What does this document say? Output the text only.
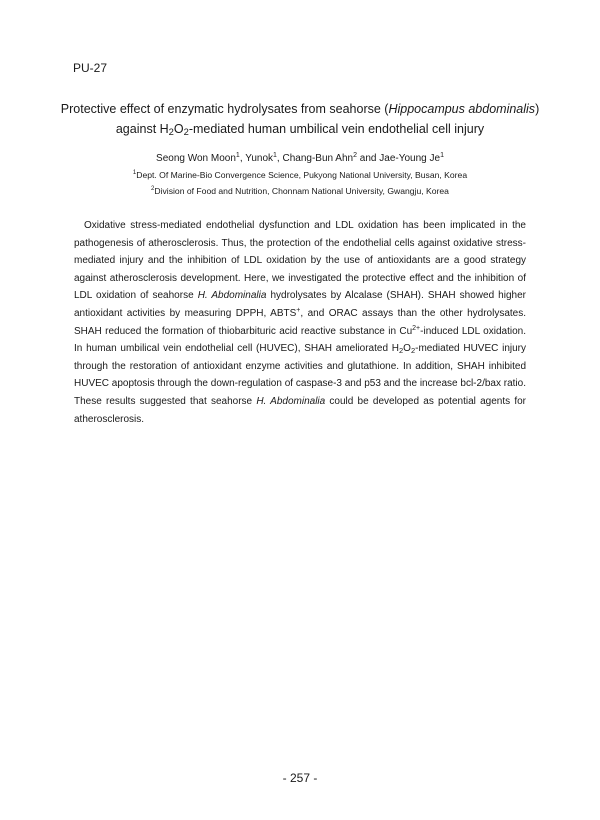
PU-27
Protective effect of enzymatic hydrolysates from seahorse (Hippocampus abdominalis)
against $H_2O_2$-mediated human umbilical vein endothelial cell injury
Seong Won Moon$^1$, Yunok$^1$, Chang-Bun Ahn$^2$ and Jae-Young Je$^1$
$^1$Dept. Of Marine-Bio Convergence Science, Pukyong National University, Busan, Korea
$^2$Division of Food and Nutrition, Chonnam National University, Gwangju, Korea

Oxidative stress-mediated endothelial dysfunction and LDL oxidation has been implicated in the pathogenesis of atherosclerosis. Thus, the protection of the endothelial cells against oxidative stress-mediated injury and the inhibition of LDL oxidation by the use of antioxidants are a good strategy against atherosclerosis development. Here, we investigated the protective effect and the inhibition of LDL oxidation of seahorse H. Abdominalia hydrolysates by Alcalase (SHAH). SHAH showed higher antioxidant activities by measuring DPPH, ABTS+, and ORAC assays than the other hydrolysates. SHAH reduced the formation of thiobarbituric acid reactive substance in $Cu^{2+}$-induced LDL oxidation. In human umbilical vein endothelial cell (HUVEC), SHAH ameliorated $H_2O_2$-mediated HUVEC injury through the restoration of antioxidant enzyme activities and glutathione. In addition, SHAH inhibited HUVEC apoptosis through the down-regulation of caspase-3 and p53 and the increase bcl-2/bax ratio. These results suggested that seahorse H. Abdominalia could be developed as potential agents for atherosclerosis.

- 257 -
